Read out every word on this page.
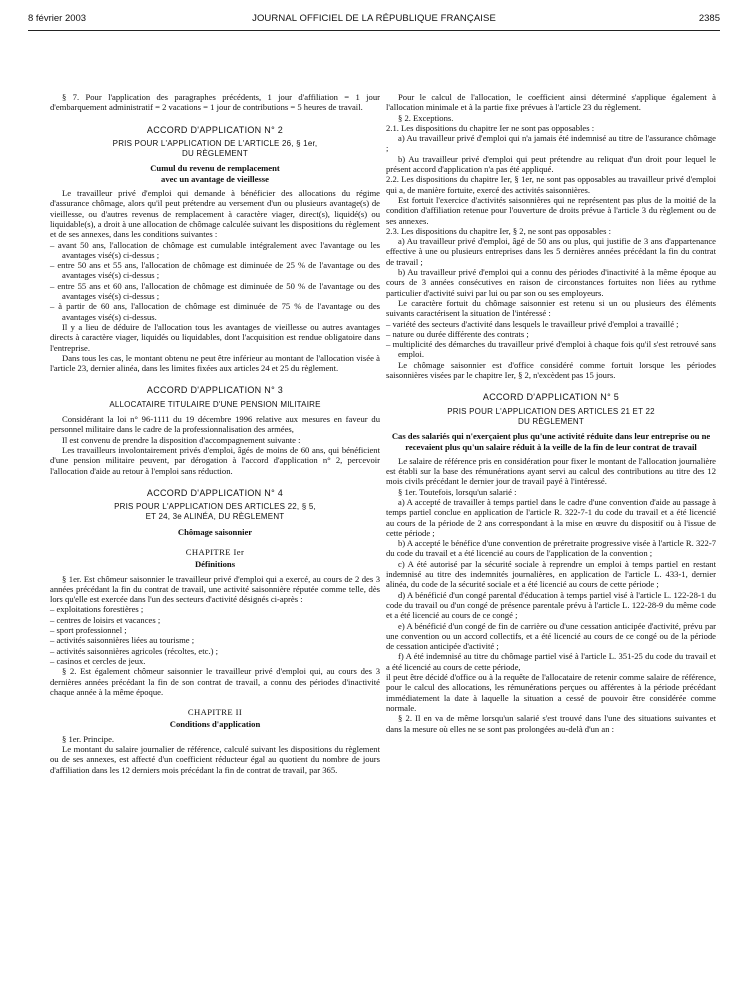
8 février 2003	JOURNAL OFFICIEL DE LA RÉPUBLIQUE FRANÇAISE	2385

§ 7. Pour l'application des paragraphes précédents, 1 jour d'affiliation = 1 jour d'embarquement administratif = 2 vacations = 1 jour de contributions = 5 heures de travail.

ACCORD D'APPLICATION N° 2
PRIS POUR L'APPLICATION DE L'ARTICLE 26, § 1er,
DU RÈGLEMENT
Cumul du revenu de remplacement
avec un avantage de vieillesse

Le travailleur privé d'emploi qui demande à bénéficier des allocations du régime d'assurance chômage, alors qu'il peut prétendre au versement d'un ou plusieurs avantage(s) de vieillesse, ou d'autres revenus de remplacement à caractère viager, direct(s), liquidé(s) ou liquidable(s), a droit à une allocation de chômage calculée suivant les dispositions du règlement et de ses annexes, dans les conditions suivantes :

– avant 50 ans, l'allocation de chômage est cumulable intégralement avec l'avantage ou les avantages visé(s) ci-dessus ;

– entre 50 ans et 55 ans, l'allocation de chômage est diminuée de 25 % de l'avantage ou des avantages visé(s) ci-dessus ;

– entre 55 ans et 60 ans, l'allocation de chômage est diminuée de 50 % de l'avantage ou des avantages visé(s) ci-dessus ;

– à partir de 60 ans, l'allocation de chômage est diminuée de 75 % de l'avantage ou des avantages visé(s) ci-dessus.

Il y a lieu de déduire de l'allocation tous les avantages de vieillesse ou autres avantages directs à caractère viager, liquidés ou liquidables, dont l'acquisition est rendue obligatoire dans l'entreprise.

Dans tous les cas, le montant obtenu ne peut être inférieur au montant de l'allocation visée à l'article 23, dernier alinéa, dans les limites fixées aux articles 24 et 25 du règlement.

ACCORD D'APPLICATION N° 3
ALLOCATAIRE TITULAIRE D'UNE PENSION MILITAIRE

Considérant la loi n° 96-1111 du 19 décembre 1996 relative aux mesures en faveur du personnel militaire dans le cadre de la professionnalisation des armées,

Il est convenu de prendre la disposition d'accompagnement suivante :

Les travailleurs involontairement privés d'emploi, âgés de moins de 60 ans, qui bénéficient d'une pension militaire peuvent, par dérogation à l'accord d'application n° 2, percevoir l'allocation d'aide au retour à l'emploi sans réduction.

ACCORD D'APPLICATION N° 4
PRIS POUR L'APPLICATION DES ARTICLES 22, § 5,
ET 24, 3e ALINÉA, DU RÈGLEMENT
Chômage saisonnier
CHAPITRE Ier
Définitions

§ 1er. Est chômeur saisonnier le travailleur privé d'emploi qui a exercé, au cours de 2 des 3 années précédant la fin du contrat de travail, une activité saisonnière réputée comme telle, dès lors qu'elle est exercée dans l'un des secteurs d'activité désignés ci-après :

– exploitations forestières ;

– centres de loisirs et vacances ;

– sport professionnel ;

– activités saisonnières liées au tourisme ;

– activités saisonnières agricoles (récoltes, etc.) ;

– casinos et cercles de jeux.

§ 2. Est également chômeur saisonnier le travailleur privé d'emploi qui, au cours des 3 dernières années précédant la fin de son contrat de travail, a connu des périodes d'inactivité chaque année à la même époque.

CHAPITRE II
Conditions d'application

§ 1er. Principe.

Le montant du salaire journalier de référence, calculé suivant les dispositions du règlement ou de ses annexes, est affecté d'un coefficient réducteur égal au quotient du nombre de jours d'affiliation dans les 12 derniers mois précédant la fin de contrat de travail, par 365.

Pour le calcul de l'allocation, le coefficient ainsi déterminé s'applique également à l'allocation minimale et à la partie fixe prévues à l'article 23 du règlement.

§ 2. Exceptions.

2.1. Les dispositions du chapitre Ier ne sont pas opposables :

a) Au travailleur privé d'emploi qui n'a jamais été indemnisé au titre de l'assurance chômage ;

b) Au travailleur privé d'emploi qui peut prétendre au reliquat d'un droit pour lequel le présent accord d'application n'a pas été appliqué.

2.2. Les dispositions du chapitre Ier, § 1er, ne sont pas opposables au travailleur privé d'emploi qui a, de manière fortuite, exercé des activités saisonnières.

Est fortuit l'exercice d'activités saisonnières qui ne représentent pas plus de la moitié de la condition d'affiliation retenue pour l'ouverture de droits prévue à l'article 3 du règlement ou de ses annexes.

2.3. Les dispositions du chapitre Ier, § 2, ne sont pas opposables :

a) Au travailleur privé d'emploi, âgé de 50 ans ou plus, qui justifie de 3 ans d'appartenance effective à une ou plusieurs entreprises dans les 5 dernières années précédant la fin du contrat de travail ;

b) Au travailleur privé d'emploi qui a connu des périodes d'inactivité à la même époque au cours de 3 années consécutives en raison de circonstances fortuites non liées au rythme particulier d'activité suivi par lui ou par son ou ses employeurs.

Le caractère fortuit du chômage saisonnier est retenu si un ou plusieurs des éléments suivants caractérisent la situation de l'intéressé :

– variété des secteurs d'activité dans lesquels le travailleur privé d'emploi a travaillé ;

– nature ou durée différente des contrats ;

– multiplicité des démarches du travailleur privé d'emploi à chaque fois qu'il s'est retrouvé sans emploi.

Le chômage saisonnier est d'office considéré comme fortuit lorsque les périodes saisonnières visées par le chapitre Ier, § 2, n'excèdent pas 15 jours.

ACCORD D'APPLICATION N° 5
PRIS POUR L'APPLICATION DES ARTICLES 21 ET 22
DU RÈGLEMENT
Cas des salariés qui n'exerçaient plus qu'une activité réduite dans leur entreprise ou ne recevaient plus qu'un salaire réduit à la veille de la fin de leur contrat de travail

Le salaire de référence pris en considération pour fixer le montant de l'allocation journalière est établi sur la base des rémunérations ayant servi au calcul des contributions au titre des 12 mois civils précédant le dernier jour de travail payé à l'intéressé.

§ 1er. Toutefois, lorsqu'un salarié :

a) A accepté de travailler à temps partiel dans le cadre d'une convention d'aide au passage à temps partiel conclue en application de l'article R. 322-7-1 du code du travail et a été licencié au cours de la période de 2 ans correspondant à la mise en œuvre du dispositif ou à l'issue de cette période ;

b) A accepté le bénéfice d'une convention de préretraite progressive visée à l'article R. 322-7 du code du travail et a été licencié au cours de l'application de la convention ;

c) A été autorisé par la sécurité sociale à reprendre un emploi à temps partiel en restant indemnisé au titre des indemnités journalières, en application de l'article L. 433-1, dernier alinéa, du code de la sécurité sociale et a été licencié au cours de cette période ;

d) A bénéficié d'un congé parental d'éducation à temps partiel visé à l'article L. 122-28-1 du code du travail ou d'un congé de présence parentale prévu à l'article L. 122-28-9 du même code et a été licencié au cours de ce congé ;

e) A bénéficié d'un congé de fin de carrière ou d'une cessation anticipée d'activité, prévu par une convention ou un accord collectifs, et a été licencié au cours de ce congé ou de la période de cessation anticipée d'activité ;

f) A été indemnisé au titre du chômage partiel visé à l'article L. 351-25 du code du travail et a été licencié au cours de cette période,

il peut être décidé d'office ou à la requête de l'allocataire de retenir comme salaire de référence, pour le calcul des allocations, les rémunérations perçues ou afférentes à la période précédant immédiatement la date à laquelle la situation a cessé de pouvoir être considérée comme normale.

§ 2. Il en va de même lorsqu'un salarié s'est trouvé dans l'une des situations suivantes et dans la mesure où elles ne se sont pas prolongées au-delà d'un an :
